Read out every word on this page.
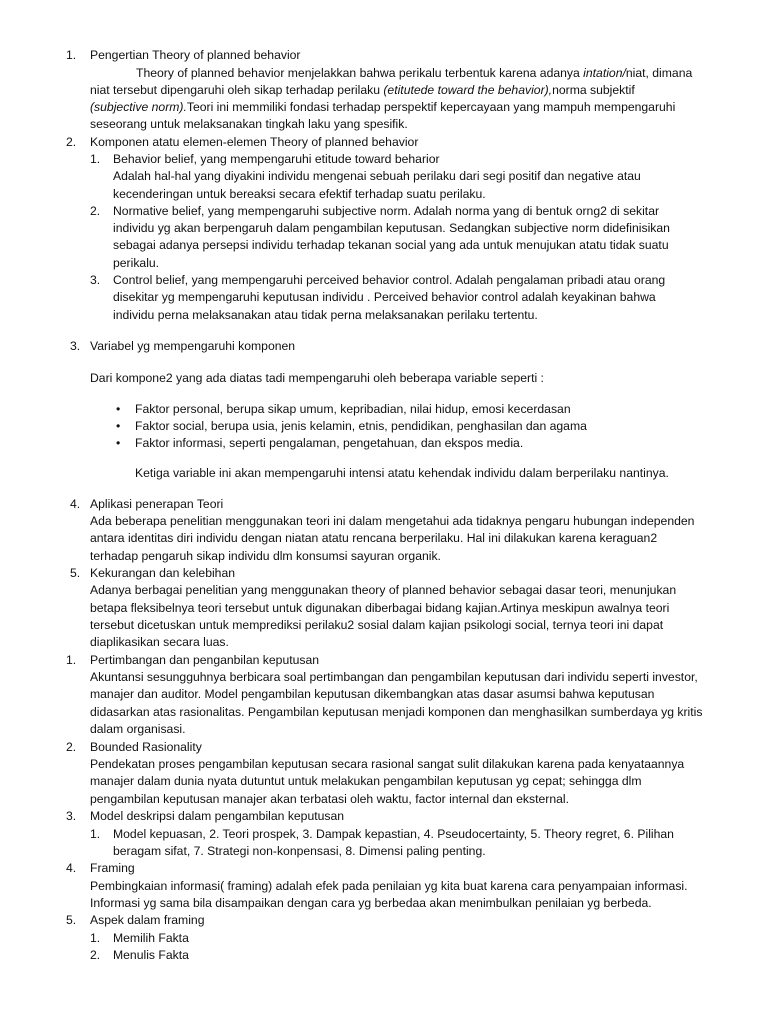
1. Pengertian Theory of planned behavior
Theory of planned behavior menjelakkan bahwa perikalu terbentuk karena adanya intation/niat, dimana
niat tersebut dipengaruhi oleh sikap terhadap perilaku (etitutede toward the behavior),norma subjektif
(subjective norm).Teori ini memmiliki fondasi terhadap perspektif kepercayaan yang mampuh mempengaruhi
seseorang untuk melaksanakan tingkah laku yang spesifik.
2. Komponen atatu elemen-elemen Theory of planned behavior
1. Behavior belief, yang mempengaruhi etitude toward beharior
Adalah hal-hal yang diyakini individu mengenai sebuah perilaku dari segi positif dan negative atau
kecenderingan untuk bereaksi secara efektif terhadap suatu perilaku.
2. Normative belief, yang mempengaruhi subjective norm. Adalah norma yang di bentuk orng2 di sekitar
individu yg akan berpengaruh dalam pengambilan keputusan. Sedangkan subjective norm didefinisikan
sebagai adanya persepsi individu terhadap tekanan social yang ada untuk menujukan atatu tidak suatu
perikalu.
3. Control belief, yang mempengaruhi perceived behavior control. Adalah pengalaman pribadi atau orang
disekitar yg mempengaruhi keputusan individu . Perceived behavior control adalah keyakinan bahwa
individu perna melaksanakan atau tidak perna melaksanakan perilaku tertentu.
3. Variabel yg mempengaruhi komponen
Dari kompone2 yang ada diatas tadi mempengaruhi oleh beberapa variable seperti :
• Faktor personal, berupa sikap umum, kepribadian, nilai hidup, emosi kecerdasan
• Faktor social, berupa usia, jenis kelamin, etnis, pendidikan, penghasilan dan agama
• Faktor informasi, seperti pengalaman, pengetahuan, dan ekspos media.
Ketiga variable ini akan mempengaruhi intensi atatu kehendak individu dalam berperilaku nantinya.
4. Aplikasi penerapan Teori
Ada beberapa penelitian menggunakan teori ini dalam mengetahui ada tidaknya pengaru hubungan independen
antara identitas diri individu dengan niatan atatu rencana berperilaku. Hal ini dilakukan karena keraguan2
terhadap pengaruh sikap individu dlm konsumsi sayuran organik.
5. Kekurangan dan kelebihan
Adanya berbagai penelitian yang menggunakan theory of planned behavior sebagai dasar teori, menunjukan
betapa fleksibelnya teori tersebut untuk digunakan diberbagai bidang kajian.Artinya meskipun awalnya teori
tersebut dicetuskan untuk memprediksi perilaku2 sosial dalam kajian psikologi social, ternya teori ini dapat
diaplikasikan secara luas.
1. Pertimbangan dan penganbilan keputusan
Akuntansi sesungguhnya berbicara soal pertimbangan dan pengambilan keputusan dari individu seperti investor,
manajer dan auditor. Model pengambilan keputusan dikembangkan atas dasar asumsi bahwa keputusan
didasarkan atas rasionalitas. Pengambilan keputusan menjadi komponen dan menghasilkan sumberdaya yg kritis
dalam organisasi.
2. Bounded Rasionality
Pendekatan proses pengambilan keputusan secara rasional sangat sulit dilakukan karena pada kenyataannya
manajer dalam dunia nyata dutuntut untuk melakukan pengambilan keputusan yg cepat; sehingga dlm
pengambilan keputusan manajer akan terbatasi oleh waktu, factor internal dan eksternal.
3. Model deskripsi dalam pengambilan keputusan
1. Model kepuasan, 2. Teori prospek, 3. Dampak kepastian, 4. Pseudocertainty, 5. Theory regret, 6. Pilihan
beragam sifat, 7. Strategi non-konpensasi, 8. Dimensi paling penting.
4. Framing
Pembingkaian informasi( framing) adalah efek pada penilaian yg kita buat karena cara penyampaian informasi.
Informasi yg sama bila disampaikan dengan cara yg berbedaa akan menimbulkan penilaian yg berbeda.
5. Aspek dalam framing
1. Memilih Fakta
2. Menulis Fakta
